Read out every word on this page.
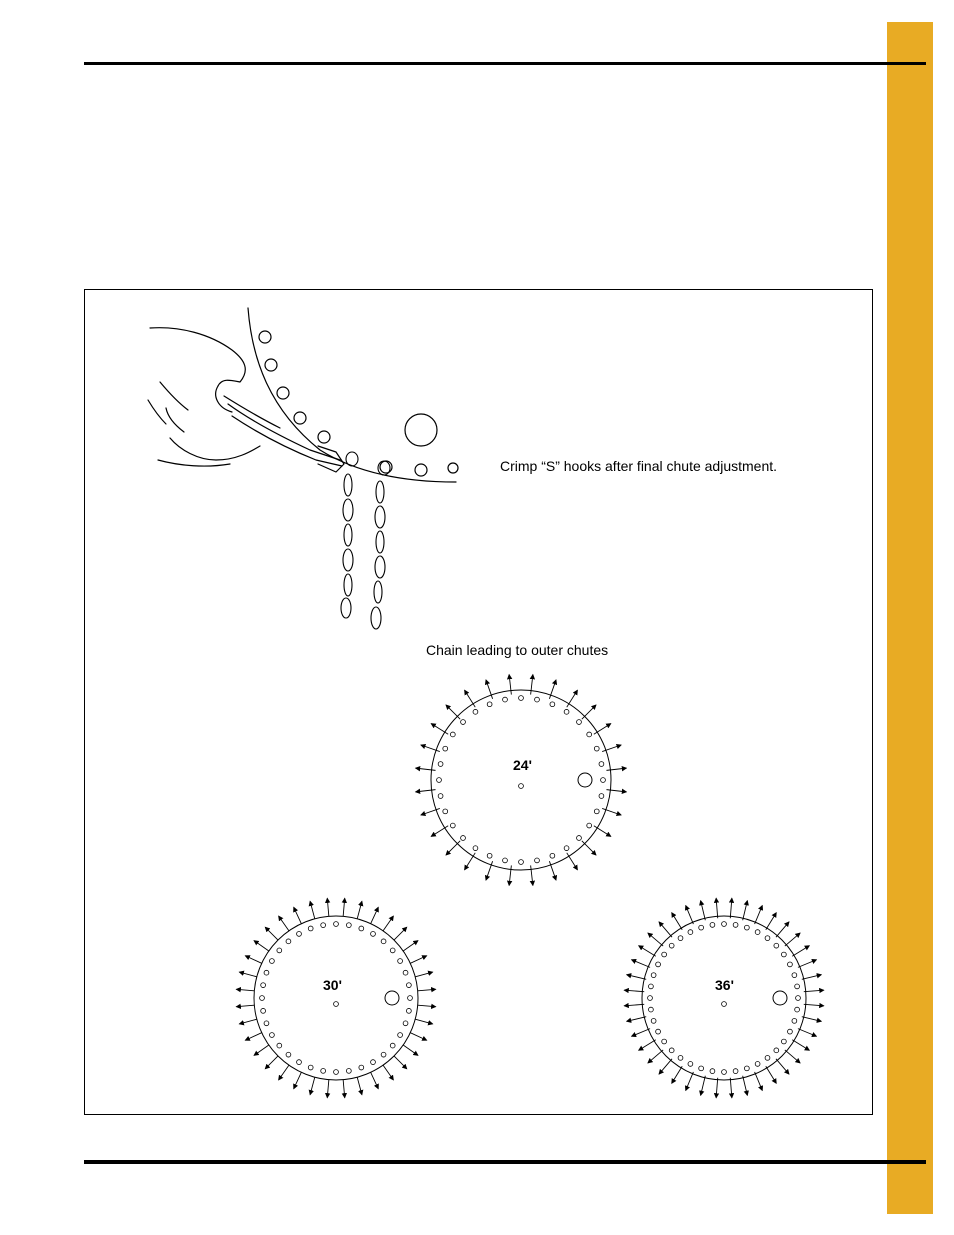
Crimp “S” hooks after final chute adjustment.
Chain leading to outer chutes
24'
30'	36'
